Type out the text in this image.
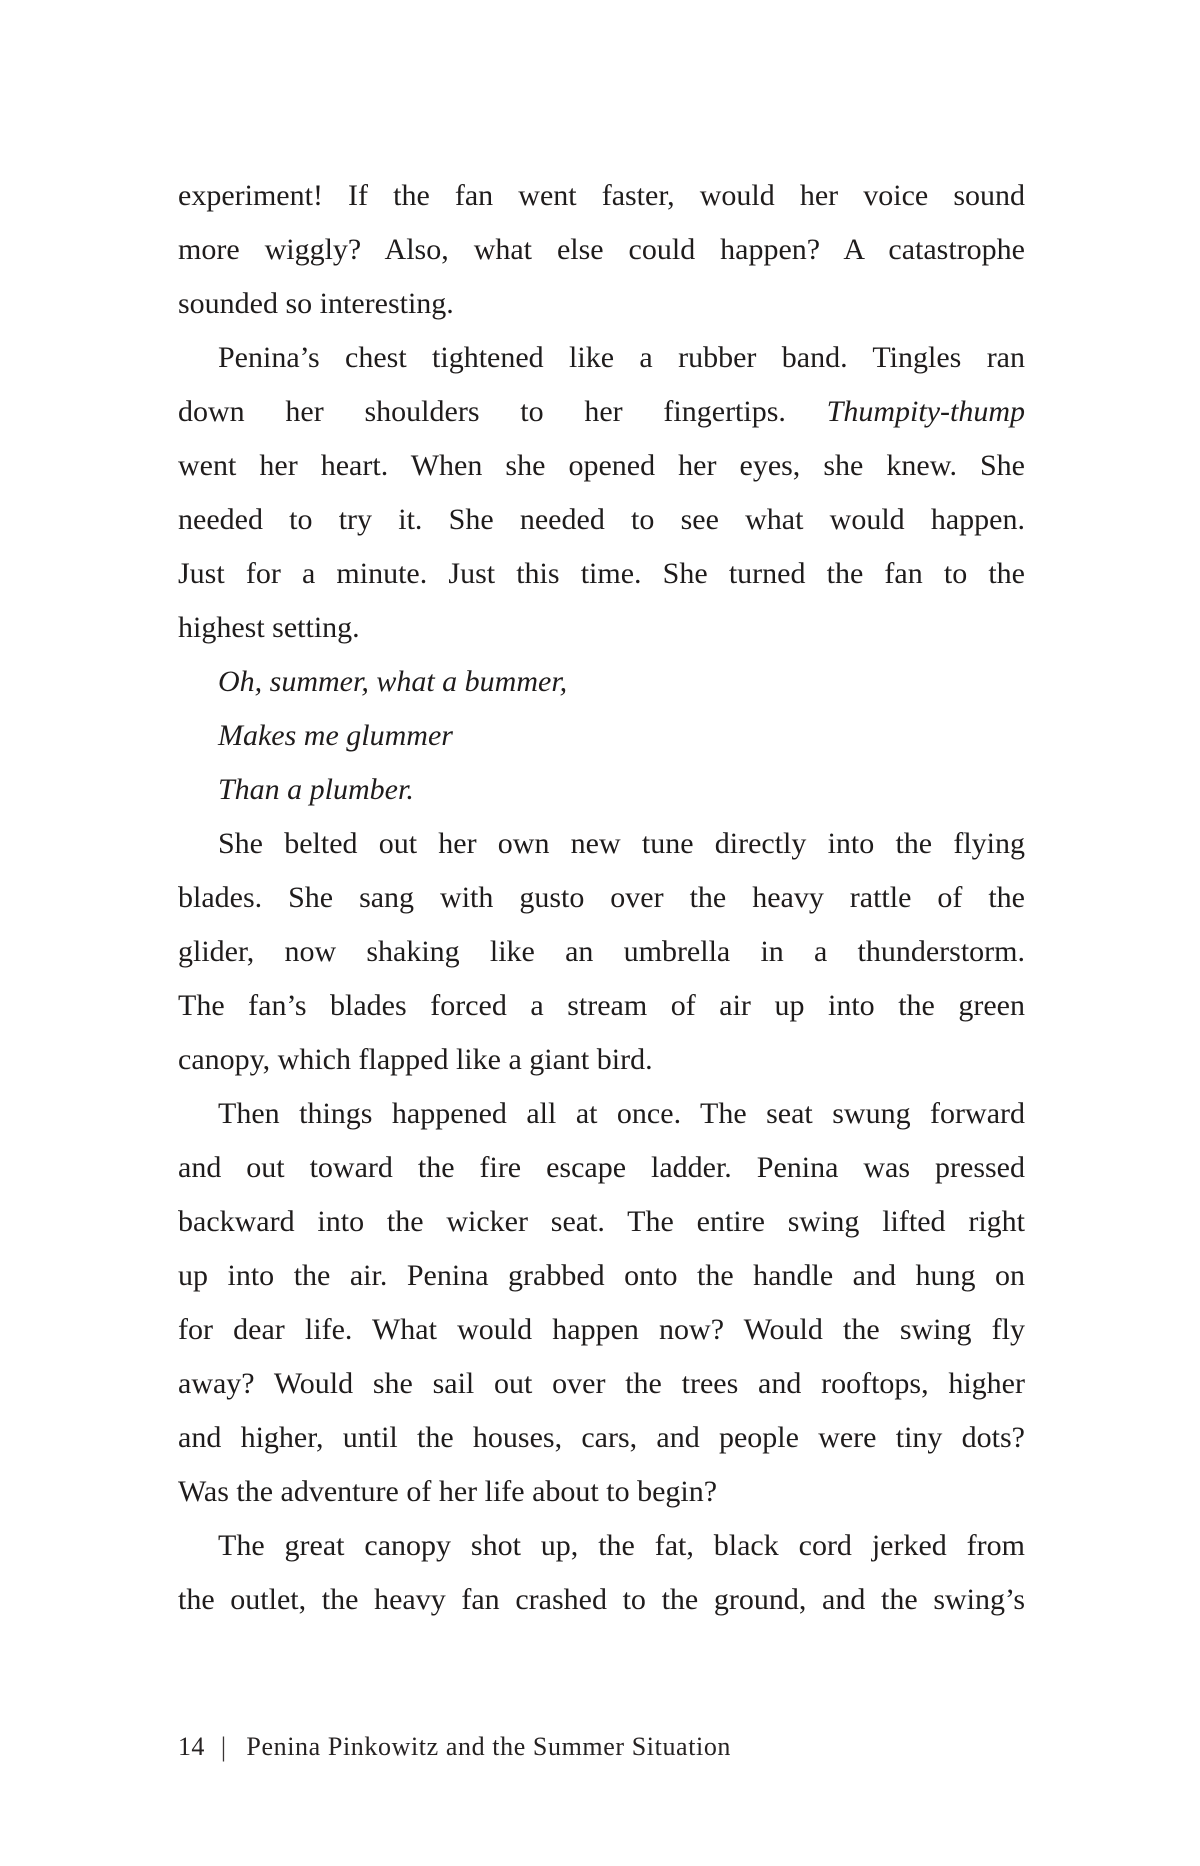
experiment! If the fan went faster, would her voice sound
more wiggly? Also, what else could happen? A catastrophe
sounded so interesting.
Penina’s chest tightened like a rubber band. Tingles ran
down her shoulders to her fingertips. Thumpity-thump
went her heart. When she opened her eyes, she knew. She
needed to try it. She needed to see what would happen.
Just for a minute. Just this time. She turned the fan to the
highest setting.
Oh, summer, what a bummer,
Makes me glummer
Than a plumber.
She belted out her own new tune directly into the flying
blades. She sang with gusto over the heavy rattle of the
glider, now shaking like an umbrella in a thunderstorm.
The fan’s blades forced a stream of air up into the green
canopy, which flapped like a giant bird.
Then things happened all at once. The seat swung forward
and out toward the fire escape ladder. Penina was pressed
backward into the wicker seat. The entire swing lifted right
up into the air. Penina grabbed onto the handle and hung on
for dear life. What would happen now? Would the swing fly
away? Would she sail out over the trees and rooftops, higher
and higher, until the houses, cars, and people were tiny dots?
Was the adventure of her life about to begin?
The great canopy shot up, the fat, black cord jerked from
the outlet, the heavy fan crashed to the ground, and the swing’s
14 | Penina Pinkowitz and the Summer Situation
